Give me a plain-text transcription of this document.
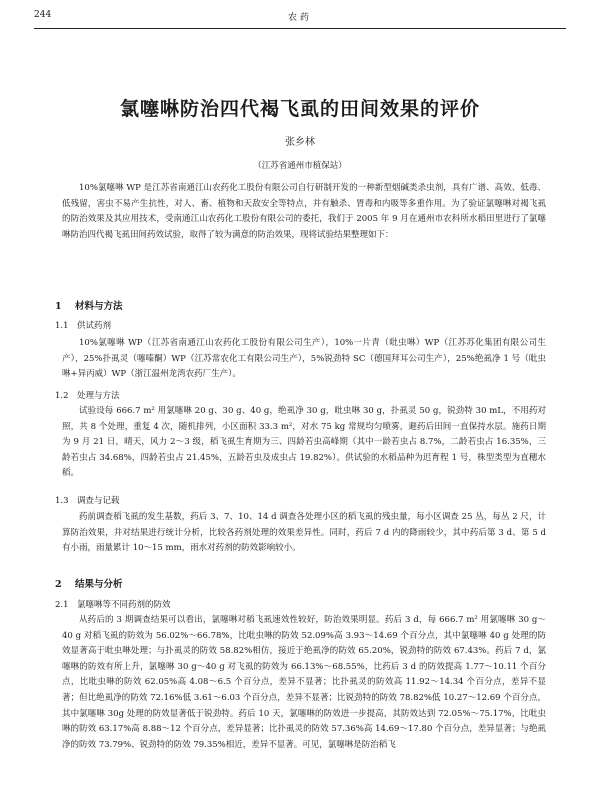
244	农药
氯噻啉防治四代褐飞虱的田间效果的评价
张乡林
（江苏省通州市植保站）

10%氯噻啉 WP 是江苏省南通江山农药化工股份有限公司自行研制开发的一种新型烟碱类杀虫剂，具有广谱、高效、低毒、低残留，害虫不易产生抗性，对人、畜、植物和天敌安全等特点，并有触杀、胃毒和内吸等多重作用。为了验证氯噻啉对褐飞虱的防治效果及其应用技术，受南通江山农药化工股份有限公司的委托，我们于 2005 年 9 月在通州市农科所水稻田里进行了氯噻啉防治四代褐飞虱田间药效试验，取得了较为满意的防治效果，现将试验结果整理如下：

1 材料与方法
1.1 供试药剂

10%氯噻啉 WP（江苏省南通江山农药化工股份有限公司生产），10%一片青（吡虫啉）WP（江苏苏化集团有限公司生产），25%扑虱灵（噻嗪酮）WP（江苏常农化工有限公司生产），5%锐劲特 SC（德国拜耳公司生产），25%绝虱净 1 号（吡虫啉+异丙威）WP（浙江温州龙湾农药厂生产）。

1.2 处理与方法

试验设每 666.7 m² 用氯噻啉 20 g、30 g、40 g，绝虱净 30 g，吡虫啉 30 g，扑虱灵 50 g，锐劲特 30 mL，不用药对照，共 8 个处理，重复 4 次，随机排列，小区面积 33.3 m²，对水 75 kg 常规均匀喷雾，避药后田间一直保持水层。施药日期为 9 月 21 日，晴天，风力 2～3 级，稻飞虱生育期为三、四龄若虫高峰期（其中一龄若虫占 8.7%，二龄若虫占 16.35%，三龄若虫占 34.68%，四龄若虫占 21.45%，五龄若虫及成虫占 19.82%）。供试验的水稻品种为迟育程 1 号，株型类型为直穗水稻。

1.3 调查与记载

药前调查稻飞虱的发生基数，药后 3、7、10、14 d 调查各处理小区的稻飞虱的残虫量，每小区调查 25 丛，每丛 2 尺，计算防治效果，并对结果进行统计分析，比较各药剂处理的效果差异性。同时，药后 7 d 内的降雨较少，其中药后第 3 d、第 5 d 有小雨，雨量累计 10～15 mm，雨水对药剂的防效影响较小。

2 结果与分析
2.1 氯噻啉等不同药剂的防效

从药后的 3 期调查结果可以看出，氯噻啉对稻飞虱速效性较好，防治效果明显。药后 3 d，每 666.7 m² 用氯噻啉 30 g～40 g 对稻飞虱的防效为 56.02%～66.78%，比吡虫啉的防效 52.09%高 3.93～14.69 个百分点，其中氯噻啉 40 g 处理的防效显著高于吡虫啉处理；与扑虱灵的防效 58.82%相仿，接近于绝虱净的防效 65.20%，锐劲特的防效 67.43%。药后 7 d，氯噻啉的防效有所上升，氯噻啉 30 g～40 g 对飞虱的防效为 66.13%～68.55%，比药后 3 d 的防效提高 1.77～10.11 个百分点，比吡虫啉的防效 62.05%高 4.08～6.5 个百分点，差异不显著；比扑虱灵的防效高 11.92～14.34 个百分点，差异不显著；但比绝虱净的防效 72.16%低 3.61～6.03 个百分点，差异不显著；比锐劲特的防效 78.82%低 10.27～12.69 个百分点，其中氯噻啉 30g 处理的防效显著低于锐劲特。药后 10 天，氯噻啉的防效进一步提高，其防效达到 72.05%～75.17%，比吡虫啉的防效 63.17%高 8.88～12 个百分点，差异显著；比扑虱灵的防效 57.36%高 14.69～17.80 个百分点，差异显著；与绝虱净的防效 73.79%、锐劲特的防效 79.35%相近，差异不显著。可见，氯噻啉是防治稻飞
